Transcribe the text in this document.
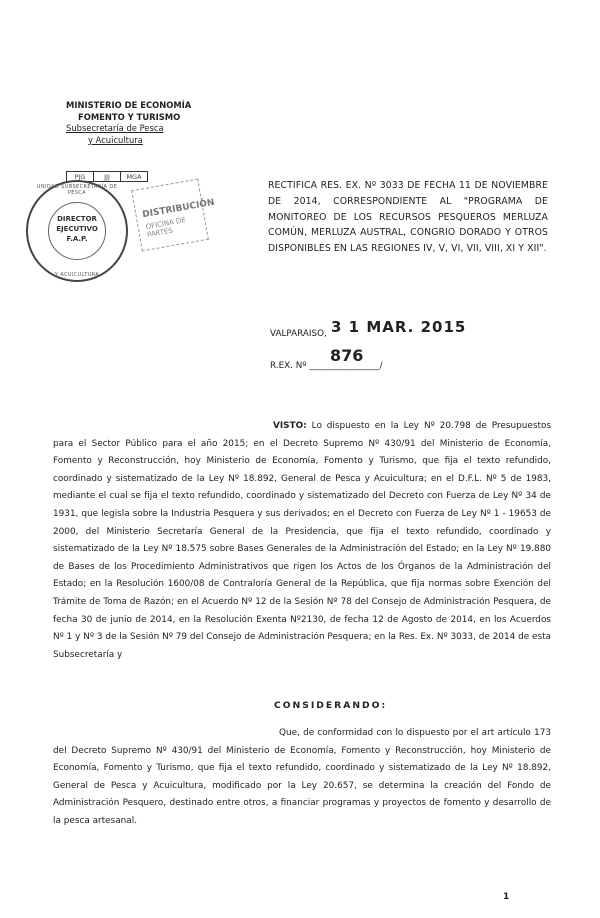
MINISTERIO DE ECONOMÍA
FOMENTO Y TURISMO
Subsecretaría de Pesca
y Acuicultura
PJG	JJJ	MGA
UNIDAD SUBSECRETARÍA DE PESCA
DIRECTOR
EJECUTIVO
F.A.P.
Y ACUICULTURA
DISTRIBUCIÓN
OFICINA DE PARTES
RECTIFICA RES. EX. Nº 3033 DE FECHA 11 DE NOVIEMBRE DE 2014, CORRESPONDIENTE AL "PROGRAMA DE MONITOREO DE LOS RECURSOS PESQUEROS MERLUZA COMÚN, MERLUZA AUSTRAL, CONGRIO DORADO Y OTROS DISPONIBLES EN LAS REGIONES IV, V, VI, VII, VIII, XI Y XII".
VALPARAISO, 3 1 MAR. 2015
876
R.EX. Nº ________________/
VISTO: Lo dispuesto en la Ley Nº 20.798 de Presupuestos para el Sector Público para el año 2015; en el Decreto Supremo Nº 430/91 del Ministerio de Economía, Fomento y Reconstrucción, hoy Ministerio de Economía, Fomento y Turismo, que fija el texto refundido, coordinado y sistematizado de la Ley Nº 18.892, General de Pesca y Acuicultura; en el D.F.L. Nº 5 de 1983, mediante el cual se fija el texto refundido, coordinado y sistematizado del Decreto con Fuerza de Ley Nº 34 de 1931, que legisla sobre la Industria Pesquera y sus derivados; en el Decreto con Fuerza de Ley Nº 1 - 19653 de 2000, del Ministerio Secretaría General de la Presidencia, que fija el texto refundido, coordinado y sistematizado de la Ley Nº 18.575 sobre Bases Generales de la Administración del Estado; en la Ley Nº 19.880 de Bases de los Procedimiento Administrativos que rigen los Actos de los Órganos de la Administración del Estado; en la Resolución 1600/08 de Contraloría General de la República, que fija normas sobre Exención del Trámite de Toma de Razón; en el Acuerdo Nº 12 de la Sesión Nº 78 del Consejo de Administración Pesquera, de fecha 30 de junio de 2014, en la Resolución Exenta Nº2130, de fecha 12 de Agosto de 2014, en los Acuerdos Nº 1 y Nº 3 de la Sesión Nº 79 del Consejo de Administración Pesquera; en la Res. Ex. Nº 3033, de 2014 de esta Subsecretaría y
CONSIDERANDO:
Que, de conformidad con lo dispuesto por el art artículo 173 del Decreto Supremo Nº 430/91 del Ministerio de Economía, Fomento y Reconstrucción, hoy Ministerio de Economía, Fomento y Turismo, que fija el texto refundido, coordinado y sistematizado de la Ley Nº 18.892, General de Pesca y Acuicultura, modificado por la Ley 20.657, se determina la creación del Fondo de Administración Pesquero, destinado entre otros, a financiar programas y proyectos de fomento y desarrollo de la pesca artesanal.
1
